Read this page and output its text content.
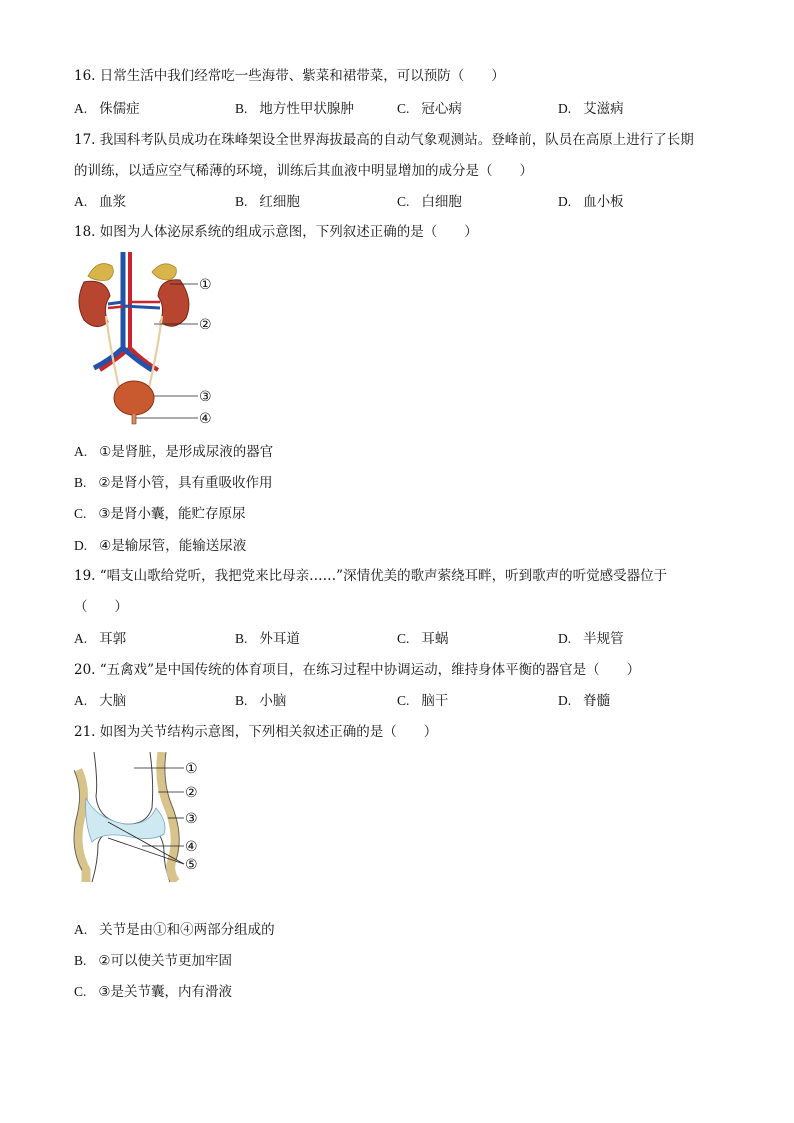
16. 日常生活中我们经常吃一些海带、紫菜和裙带菜，可以预防（　　）
A. 侏儒症	B. 地方性甲状腺肿	C. 冠心病	D. 艾滋病
17. 我国科考队员成功在珠峰架设全世界海拔最高的自动气象观测站。登峰前，队员在高原上进行了长期
的训练，以适应空气稀薄的环境，训练后其血液中明显增加的成分是（　　）
A. 血浆	B. 红细胞	C. 白细胞	D. 血小板
18. 如图为人体泌尿系统的组成示意图，下列叙述正确的是（　　）
①
②
③
④
A. ①是肾脏，是形成尿液的器官
B. ②是肾小管，具有重吸收作用
C. ③是肾小囊，能贮存原尿
D. ④是输尿管，能输送尿液
19. “唱支山歌给党听，我把党来比母亲……”深情优美的歌声萦绕耳畔，听到歌声的听觉感受器位于
（　　）
A. 耳郭	B. 外耳道	C. 耳蜗	D. 半规管
20. “五禽戏”是中国传统的体育项目，在练习过程中协调运动，维持身体平衡的器官是（　　）
A. 大脑	B. 小脑	C. 脑干	D. 脊髓
21. 如图为关节结构示意图，下列相关叙述正确的是（　　）
①
②
③
④
⑤
A. 关节是由①和④两部分组成的
B. ②可以使关节更加牢固
C. ③是关节囊，内有滑液
